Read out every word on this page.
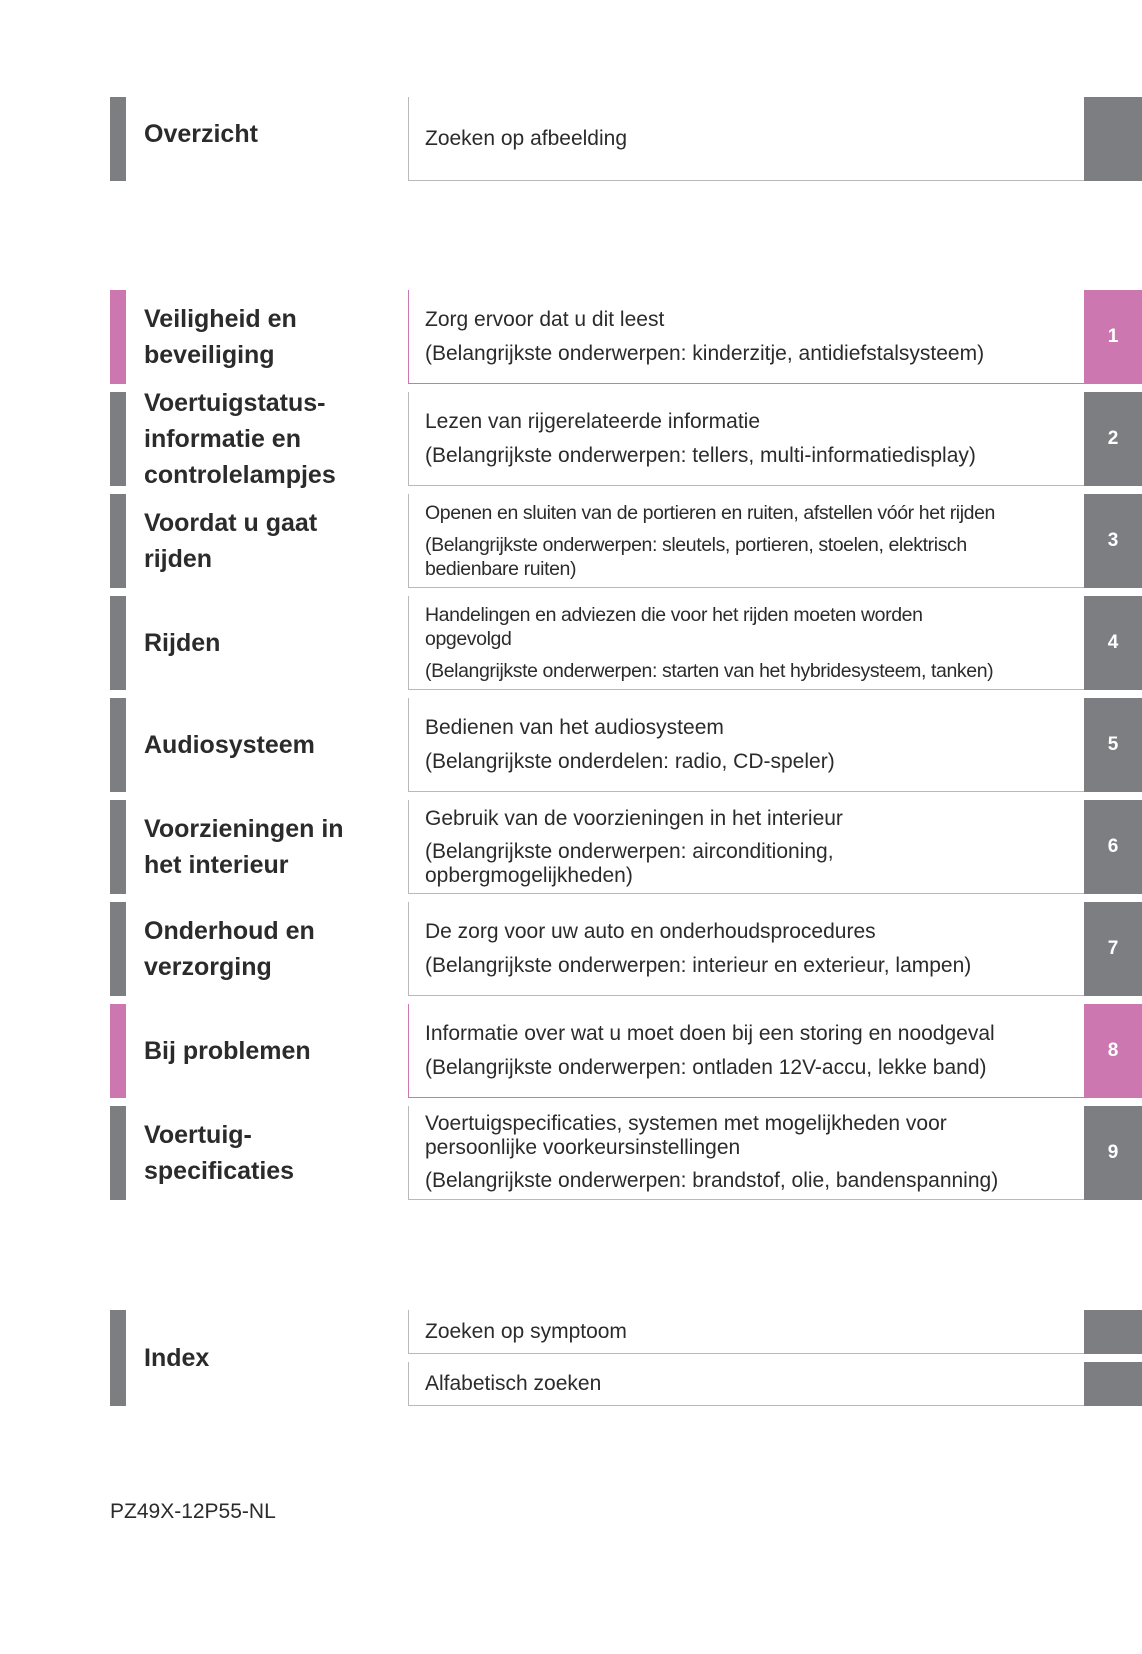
Overzicht	Zoeken op afbeelding

Veiligheid en
beveiliging

Zorg ervoor dat u dit leest

(Belangrijkste onderwerpen: kinderzitje, antidiefstalsysteem)

1
Voertuigstatus-
informatie en
controlelampjes

Lezen van rijgerelateerde informatie

(Belangrijkste onderwerpen: tellers, multi-informatiedisplay)

2
Voordat u gaat
rijden

Openen en sluiten van de portieren en ruiten, afstellen vóór het rijden

(Belangrijkste onderwerpen: sleutels, portieren, stoelen, elektrisch
bedienbare ruiten)

3
Rijden

Handelingen en adviezen die voor het rijden moeten worden
opgevolgd

(Belangrijkste onderwerpen: starten van het hybridesysteem, tanken)

4
Audiosysteem

Bedienen van het audiosysteem

(Belangrijkste onderdelen: radio, CD-speler)

5
Voorzieningen in
het interieur

Gebruik van de voorzieningen in het interieur

(Belangrijkste onderwerpen: airconditioning,
opbergmogelijkheden)

6
Onderhoud en
verzorging

De zorg voor uw auto en onderhoudsprocedures

(Belangrijkste onderwerpen: interieur en exterieur, lampen)

7
Bij problemen

Informatie over wat u moet doen bij een storing en noodgeval

(Belangrijkste onderwerpen: ontladen 12V-accu, lekke band)

8
Voertuig-
specificaties

Voertuigspecificaties, systemen met mogelijkheden voor
persoonlijke voorkeursinstellingen

(Belangrijkste onderwerpen: brandstof, olie, bandenspanning)

9
Index
Zoeken op symptoom
Alfabetisch zoeken
PZ49X-12P55-NL
